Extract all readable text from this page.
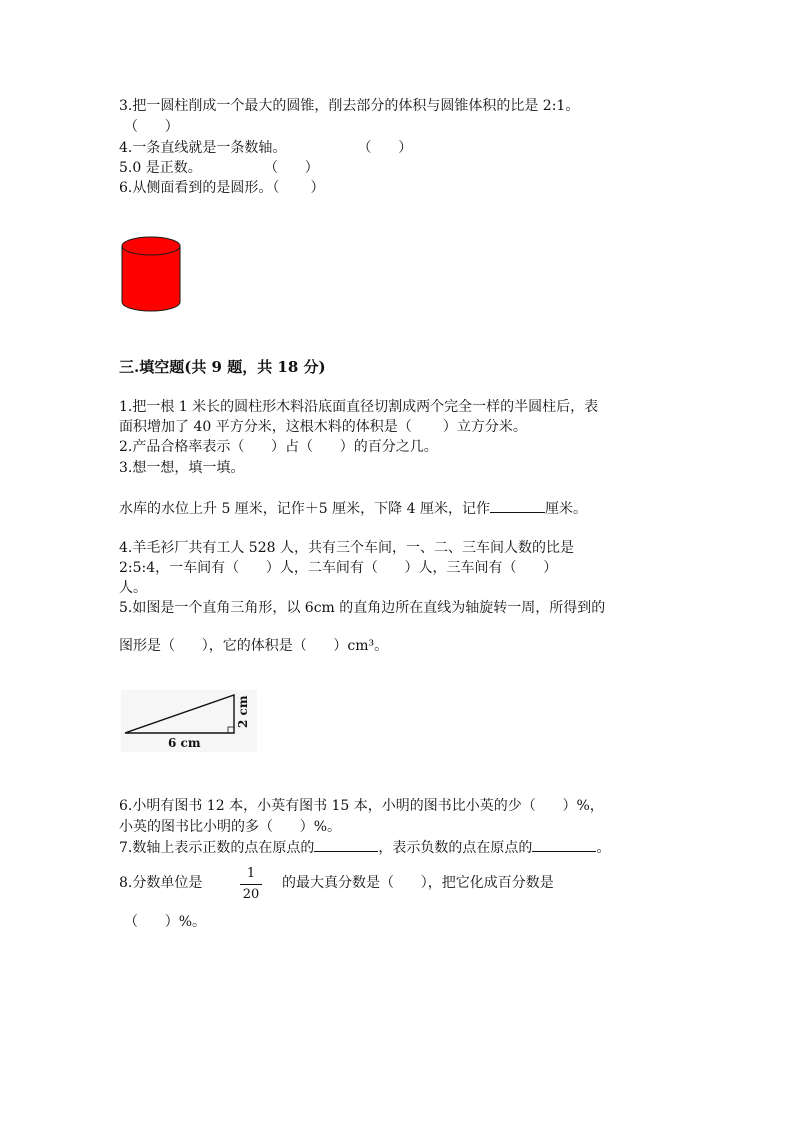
3.把一圆柱削成一个最大的圆锥，削去部分的体积与圆锥体积的比是 2:1。
（      ）
4.一条直线就是一条数轴。                （      ）
5.0 是正数。              （      ）
6.从侧面看到的是圆形。（       ）
三.填空题(共 9 题，共 18 分)
1.把一根 1 米长的圆柱形木料沿底面直径切割成两个完全一样的半圆柱后，表
面积增加了 40 平方分米，这根木料的体积是（       ）立方分米。
2.产品合格率表示（      ）占（      ）的百分之几。
3.想一想，填一填。
水库的水位上升 5 厘米，记作＋5 厘米，下降 4 厘米，记作	厘米。
4.羊毛衫厂共有工人 528 人，共有三个车间，一、二、三车间人数的比是
2:5:4，一车间有（      ）人，二车间有（      ）人，三车间有（      ）
人。
5.如图是一个直角三角形，以 6cm 的直角边所在直线为轴旋转一周，所得到的
图形是（      ），它的体积是（      ）cm³。
6 cm
2 cm
6.小明有图书 12 本，小英有图书 15 本，小明的图书比小英的少（      ）%，
小英的图书比小明的多（      ）%。
7.数轴上表示正数的点在原点的	，表示负数的点在原点的	。
8.分数单位是
1
20
的最大真分数是（      ），把它化成百分数是
（      ）%。
